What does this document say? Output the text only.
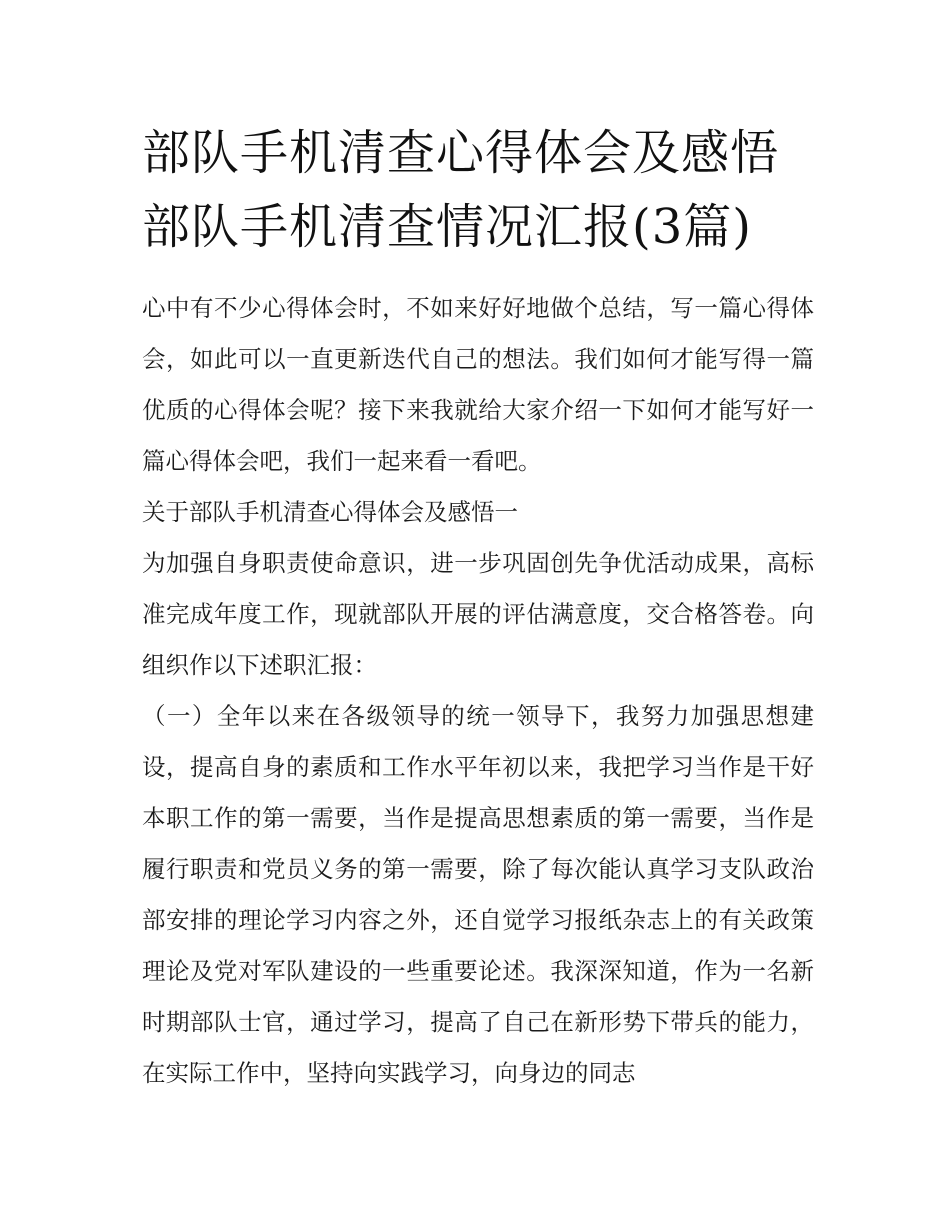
部队手机清查心得体会及感悟
部队手机清查情况汇报(3篇)

心中有不少心得体会时，不如来好好地做个总结，写一篇心得体会，如此可以一直更新迭代自己的想法。我们如何才能写得一篇优质的心得体会呢？接下来我就给大家介绍一下如何才能写好一篇心得体会吧，我们一起来看一看吧。

关于部队手机清查心得体会及感悟一

为加强自身职责使命意识，进一步巩固创先争优活动成果，高标准完成年度工作，现就部队开展的评估满意度，交合格答卷。向组织作以下述职汇报：

（一）全年以来在各级领导的统一领导下，我努力加强思想建设，提高自身的素质和工作水平年初以来，我把学习当作是干好本职工作的第一需要，当作是提高思想素质的第一需要，当作是履行职责和党员义务的第一需要，除了每次能认真学习支队政治部安排的理论学习内容之外，还自觉学习报纸杂志上的有关政策理论及党对军队建设的一些重要论述。我深深知道，作为一名新时期部队士官，通过学习，提高了自己在新形势下带兵的能力，在实际工作中，坚持向实践学习，向身边的同志
